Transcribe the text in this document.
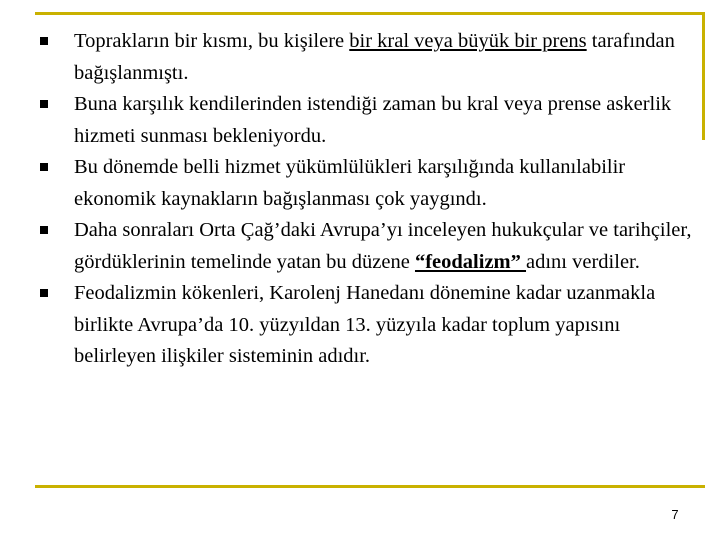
Toprakların bir kısmı, bu kişilere bir kral veya büyük bir prens tarafından bağışlanmıştı.
Buna karşılık kendilerinden istendiği zaman bu kral veya prense askerlik hizmeti sunması bekleniyordu.
Bu dönemde belli hizmet yükümlülükleri karşılığında kullanılabilir ekonomik kaynakların bağışlanması çok yaygındı.
Daha sonraları Orta Çağ’daki Avrupa’yı inceleyen hukukçular ve tarihçiler, gördüklerinin temelinde yatan bu düzene “feodalizm” adını verdiler.
Feodalizmin kökenleri, Karolenj Hanedanı dönemine kadar uzanmakla birlikte Avrupa’da 10. yüzyıldan 13. yüzyıla kadar toplum yapısını belirleyen ilişkiler sisteminin adıdır.
7
